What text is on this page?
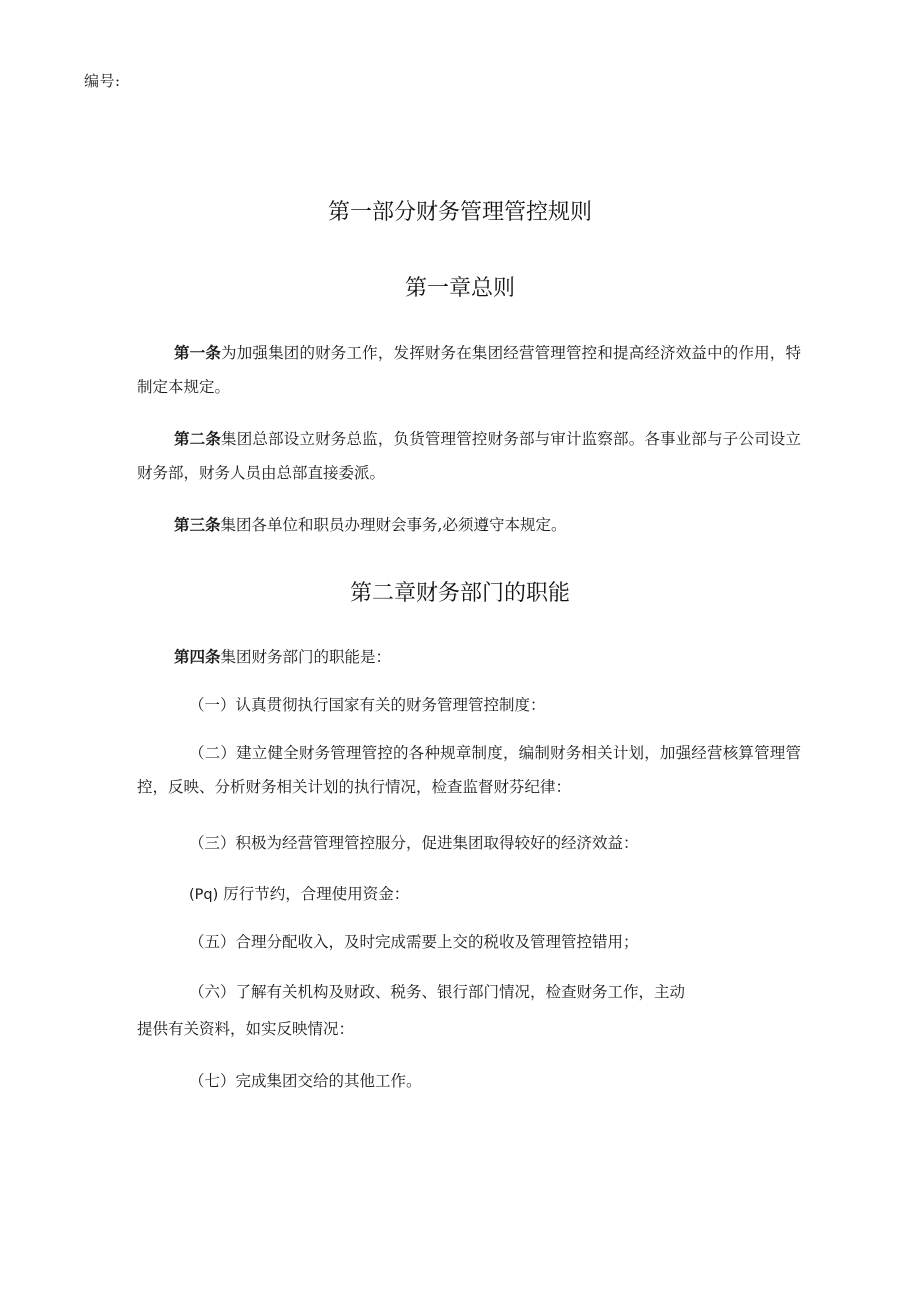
编号:
第一部分财务管理管控规则
第一章总则
第一条为加强集团的财务工作，发挥财务在集团经营管理管控和提高经济效益中的作用，特制定本规定。
第二条集团总部设立财务总监，负货管理管控财务部与审计监察部。各事业部与子公司设立财务部，财务人员由总部直接委派。
第三条集团各单位和职员办理财会事务,必须遵守本规定。
第二章财务部门的职能
第四条集团财务部门的职能是：
（一）认真贯彻执行国家有关的财务管理管控制度：
（二）建立健全财务管理管控的各种规章制度，编制财务相关计划，加强经营核算管理管控，反映、分析财务相关计划的执行情况，检查监督财芬纪律：
（三）积极为经营管理管控服分，促进集团取得较好的经济效益：
(Pq) 厉行节约，合理使用资金：
（五）合理分配收入，及时完成需要上交的税收及管理管控错用；
（六）了解有关机构及财政、税务、银行部门情况，检查财务工作，主动
提供有关资料，如实反映情况：
（七）完成集团交给的其他工作。
